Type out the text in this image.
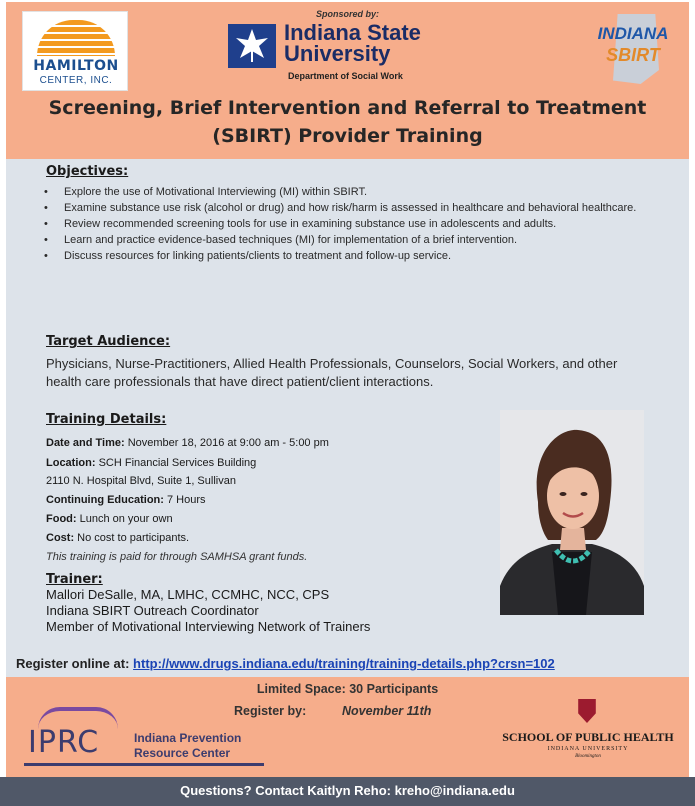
HAMILTON
CENTER, INC.
Sponsored by:
Indiana State
University
Department of Social Work
INDIANA
SBIRT
Screening, Brief Intervention and Referral to Treatment
(SBIRT) Provider Training
Objectives:
• Explore the use of Motivational Interviewing (MI) within SBIRT.
• Examine substance use risk (alcohol or drug) and how risk/harm is assessed in healthcare and behavioral healthcare.
• Review recommended screening tools for use in examining substance use in adolescents and adults.
• Learn and practice evidence-based techniques (MI) for implementation of a brief intervention.
• Discuss resources for linking patients/clients to treatment and follow-up service.
Target Audience:
Physicians, Nurse-Practitioners, Allied Health Professionals, Counselors, Social Workers, and other health care professionals that have direct patient/client interactions.
Training Details:
Date and Time: November 18, 2016 at 9:00 am - 5:00 pm
Location: SCH Financial Services Building
2110 N. Hospital Blvd, Suite 1, Sullivan
Continuing Education: 7 Hours
Food: Lunch on your own
Cost: No cost to participants.
This training is paid for through SAMHSA grant funds.
Trainer:
Mallori DeSalle, MA, LMHC, CCMHC, NCC, CPS
Indiana SBIRT Outreach Coordinator
Member of Motivational Interviewing Network of Trainers
Register online at: http://www.drugs.indiana.edu/training/training-details.php?crsn=102
Limited Space: 30 Participants
Register by:	November 11th
IPRC	Indiana Prevention
Resource Center
SCHOOL OF PUBLIC HEALTH
INDIANA UNIVERSITY
Bloomington
Questions? Contact Kaitlyn Reho: kreho@indiana.edu
